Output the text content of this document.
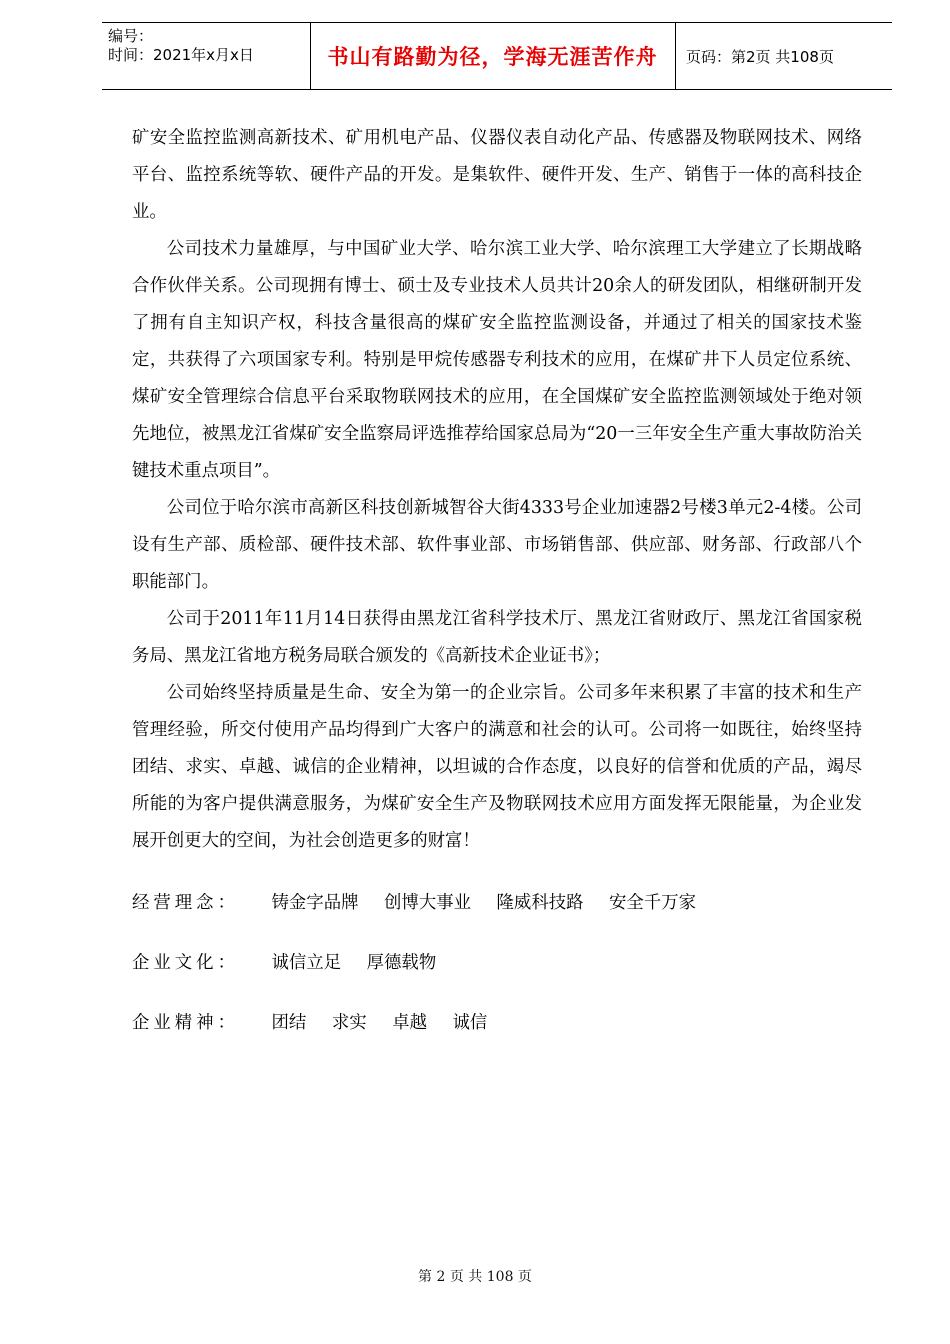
编号：
时间：2021年x月x日	书山有路勤为径，学海无涯苦作舟	页码：第2页 共108页

矿安全监控监测高新技术、矿用机电产品、仪器仪表自动化产品、传感器及物联网技术、网络平台、监控系统等软、硬件产品的开发。是集软件、硬件开发、生产、销售于一体的高科技企业。

公司技术力量雄厚，与中国矿业大学、哈尔滨工业大学、哈尔滨理工大学建立了长期战略合作伙伴关系。公司现拥有博士、硕士及专业技术人员共计20余人的研发团队，相继研制开发了拥有自主知识产权，科技含量很高的煤矿安全监控监测设备，并通过了相关的国家技术鉴定，共获得了六项国家专利。特别是甲烷传感器专利技术的应用，在煤矿井下人员定位系统、煤矿安全管理综合信息平台采取物联网技术的应用，在全国煤矿安全监控监测领域处于绝对领先地位，被黑龙江省煤矿安全监察局评选推荐给国家总局为“20一三年安全生产重大事故防治关键技术重点项目”。

公司位于哈尔滨市高新区科技创新城智谷大街4333号企业加速器2号楼3单元2-4楼。公司设有生产部、质检部、硬件技术部、软件事业部、市场销售部、供应部、财务部、行政部八个职能部门。

公司于2011年11月14日获得由黑龙江省科学技术厅、黑龙江省财政厅、黑龙江省国家税务局、黑龙江省地方税务局联合颁发的《高新技术企业证书》；

公司始终坚持质量是生命、安全为第一的企业宗旨。公司多年来积累了丰富的技术和生产管理经验，所交付使用产品均得到广大客户的满意和社会的认可。公司将一如既往，始终坚持团结、求实、卓越、诚信的企业精神，以坦诚的合作态度，以良好的信誉和优质的产品，竭尽所能的为客户提供满意服务，为煤矿安全生产及物联网技术应用方面发挥无限能量，为企业发展开创更大的空间，为社会创造更多的财富！

经营理念： 铸金字品牌 创博大事业 隆威科技路 安全千万家
企业文化： 诚信立足 厚德载物
企业精神： 团结 求实 卓越 诚信
第 2 页 共 108 页
